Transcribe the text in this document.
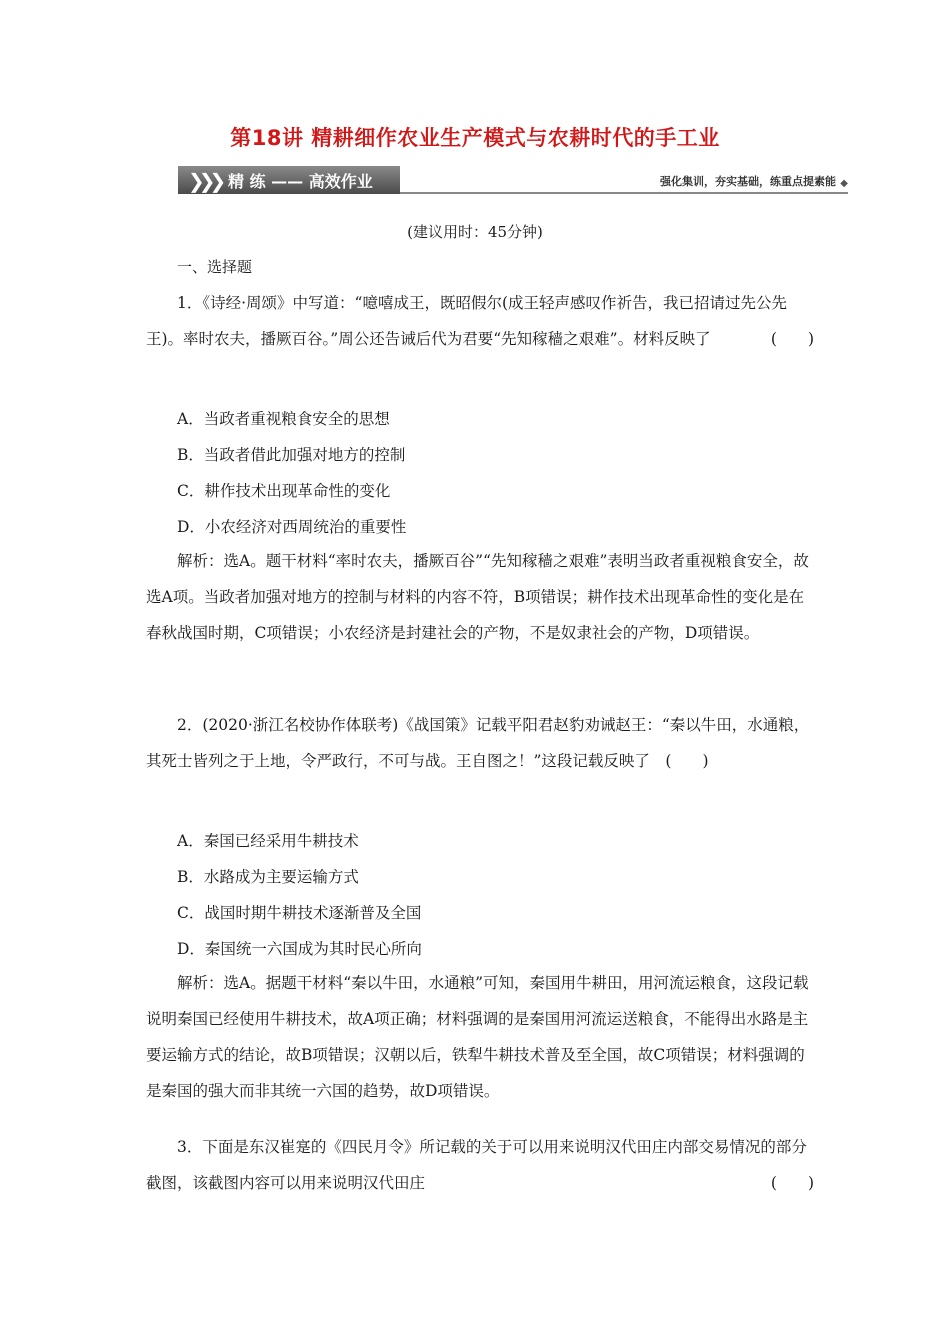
第18讲 精耕细作农业生产模式与农耕时代的手工业
❯❯❯ 精 练 —— 高效作业	强化集训，夯实基础，练重点提素能 ◆
(建议用时：45分钟)
一、选择题

1．《诗经·周颂》中写道：“噫嘻成王，既昭假尔(成王轻声感叹作祈告，我已招请过先公先王)。率时农夫，播厥百谷。”周公还告诫后代为君要“先知稼穑之艰难”。材料反映了	(　　)

A．当政者重视粮食安全的思想
B．当政者借此加强对地方的控制
C．耕作技术出现革命性的变化
D．小农经济对西周统治的重要性

解析：选A。题干材料“率时农夫，播厥百谷”“先知稼穑之艰难”表明当政者重视粮食安全，故选A项。当政者加强对地方的控制与材料的内容不符，B项错误；耕作技术出现革命性的变化是在春秋战国时期，C项错误；小农经济是封建社会的产物，不是奴隶社会的产物，D项错误。

2．(2020·浙江名校协作体联考)《战国策》记载平阳君赵豹劝诫赵王：“秦以牛田，水通粮，其死士皆列之于上地，令严政行，不可与战。王自图之！”这段记载反映了　(　　)

A．秦国已经采用牛耕技术
B．水路成为主要运输方式
C．战国时期牛耕技术逐渐普及全国
D．秦国统一六国成为其时民心所向

解析：选A。据题干材料“秦以牛田，水通粮”可知，秦国用牛耕田，用河流运粮食，这段记载说明秦国已经使用牛耕技术，故A项正确；材料强调的是秦国用河流运送粮食，不能得出水路是主要运输方式的结论，故B项错误；汉朝以后，铁犁牛耕技术普及至全国，故C项错误；材料强调的是秦国的强大而非其统一六国的趋势，故D项错误。

3．下面是东汉崔寔的《四民月令》所记载的关于可以用来说明汉代田庄内部交易情况的部分截图，该截图内容可以用来说明汉代田庄	(　　)
